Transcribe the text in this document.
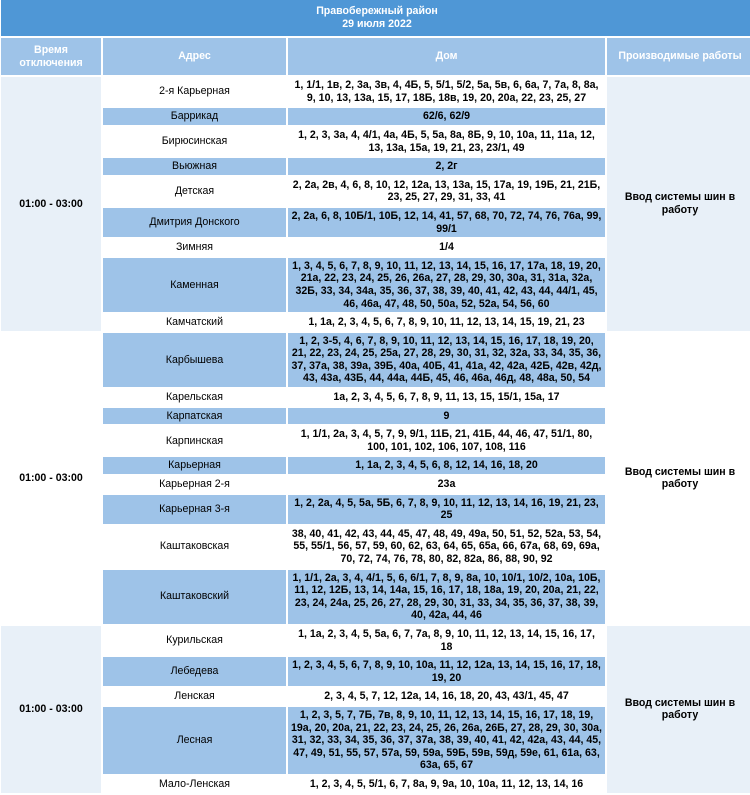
Правобережный район
29 июля 2022			

Время отключения	Адрес	Дом	Производимые работы
01:00 - 03:00	2-я Карьерная	1, 1/1, 1в, 2, 3а, 3в, 4, 4Б, 5, 5/1, 5/2, 5а, 5в, 6, 6а, 7, 7а, 8, 8а, 9, 10, 13, 13а, 15, 17, 18Б, 18в, 19, 20, 20а, 22, 23, 25, 27	Ввод системы шин в работу
	Баррикад	62/6, 62/9	
	Бирюсинская	1, 2, 3, 3а, 4, 4/1, 4а, 4Б, 5, 5а, 8а, 8Б, 9, 10, 10а, 11, 11а, 12, 13, 13а, 15а, 19, 21, 23, 23/1, 49	
	Вьюжная	2, 2г	
	Детская	2, 2а, 2в, 4, 6, 8, 10, 12, 12а, 13, 13а, 15, 17а, 19, 19Б, 21, 21Б, 23, 25, 27, 29, 31, 33, 41	
	Дмитрия Донского	2, 2а, 6, 8, 10Б/1, 10Б, 12, 14, 41, 57, 68, 70, 72, 74, 76, 76а, 99, 99/1	
	Зимняя	1/4	
	Каменная	1, 3, 4, 5, 6, 7, 8, 9, 10, 11, 12, 13, 14, 15, 16, 17, 17а, 18, 19, 20, 21а, 22, 23, 24, 25, 26, 26а, 27, 28, 29, 30, 30а, 31, 31а, 32а, 32Б, 33, 34, 34а, 35, 36, 37, 38, 39, 40, 41, 42, 43, 44, 44/1, 45, 46, 46а, 47, 48, 50, 50а, 52, 52а, 54, 56, 60	
	Камчатский	1, 1а, 2, 3, 4, 5, 6, 7, 8, 9, 10, 11, 12, 13, 14, 15, 19, 21, 23	
01:00 - 03:00	Карбышева	1, 2, 3-5, 4, 6, 7, 8, 9, 10, 11, 12, 13, 14, 15, 16, 17, 18, 19, 20, 21, 22, 23, 24, 25, 25а, 27, 28, 29, 30, 31, 32, 32а, 33, 34, 35, 36, 37, 37а, 38, 39а, 39Б, 40а, 40Б, 41, 41а, 42, 42а, 42Б, 42в, 42д, 43, 43а, 43Б, 44, 44а, 44Б, 45, 46, 46а, 46д, 48, 48а, 50, 54	Ввод системы шин в работу
	Карельская	1а, 2, 3, 4, 5, 6, 7, 8, 9, 11, 13, 15, 15/1, 15а, 17	
	Карпатская	9	
	Карпинская	1, 1/1, 2а, 3, 4, 5, 7, 9, 9/1, 11Б, 21, 41Б, 44, 46, 47, 51/1, 80, 100, 101, 102, 106, 107, 108, 116	
	Карьерная	1, 1а, 2, 3, 4, 5, 6, 8, 12, 14, 16, 18, 20	
	Карьерная 2-я	23а	
	Карьерная 3-я	1, 2, 2а, 4, 5, 5а, 5Б, 6, 7, 8, 9, 10, 11, 12, 13, 14, 16, 19, 21, 23, 25	
	Каштаковская	38, 40, 41, 42, 43, 44, 45, 47, 48, 49, 49а, 50, 51, 52, 52а, 53, 54, 55, 55/1, 56, 57, 59, 60, 62, 63, 64, 65, 65а, 66, 67а, 68, 69, 69а, 70, 72, 74, 76, 78, 80, 82, 82а, 86, 88, 90, 92	
	Каштаковский	1, 1/1, 2а, 3, 4, 4/1, 5, 6, 6/1, 7, 8, 9, 8а, 10, 10/1, 10/2, 10а, 10Б, 11, 12, 12Б, 13, 14, 14а, 15, 16, 17, 18, 18а, 19, 20, 20а, 21, 22, 23, 24, 24а, 25, 26, 27, 28, 29, 30, 31, 33, 34, 35, 36, 37, 38, 39, 40, 42а, 44, 46	
01:00 - 03:00	Курильская	1, 1а, 2, 3, 4, 5, 5а, 6, 7, 7а, 8, 9, 10, 11, 12, 13, 14, 15, 16, 17, 18	Ввод системы шин в работу
	Лебедева	1, 2, 3, 4, 5, 6, 7, 8, 9, 10, 10а, 11, 12, 12а, 13, 14, 15, 16, 17, 18, 19, 20	
	Ленская	2, 3, 4, 5, 7, 12, 12а, 14, 16, 18, 20, 43, 43/1, 45, 47	
	Лесная	1, 2, 3, 5, 7, 7Б, 7в, 8, 9, 10, 11, 12, 13, 14, 15, 16, 17, 18, 19, 19а, 20, 20а, 21, 22, 23, 24, 25, 26, 26а, 26Б, 27, 28, 29, 30, 30а, 31, 32, 33, 34, 35, 36, 37, 37а, 38, 39, 40, 41, 42, 42а, 43, 44, 45, 47, 49, 51, 55, 57, 57а, 59, 59а, 59Б, 59в, 59д, 59е, 61, 61а, 63, 63а, 65, 67	
	Мало-Ленская	1, 2, 3, 4, 5, 5/1, 6, 7, 8а, 9, 9а, 10, 10а, 11, 12, 13, 14, 16	
